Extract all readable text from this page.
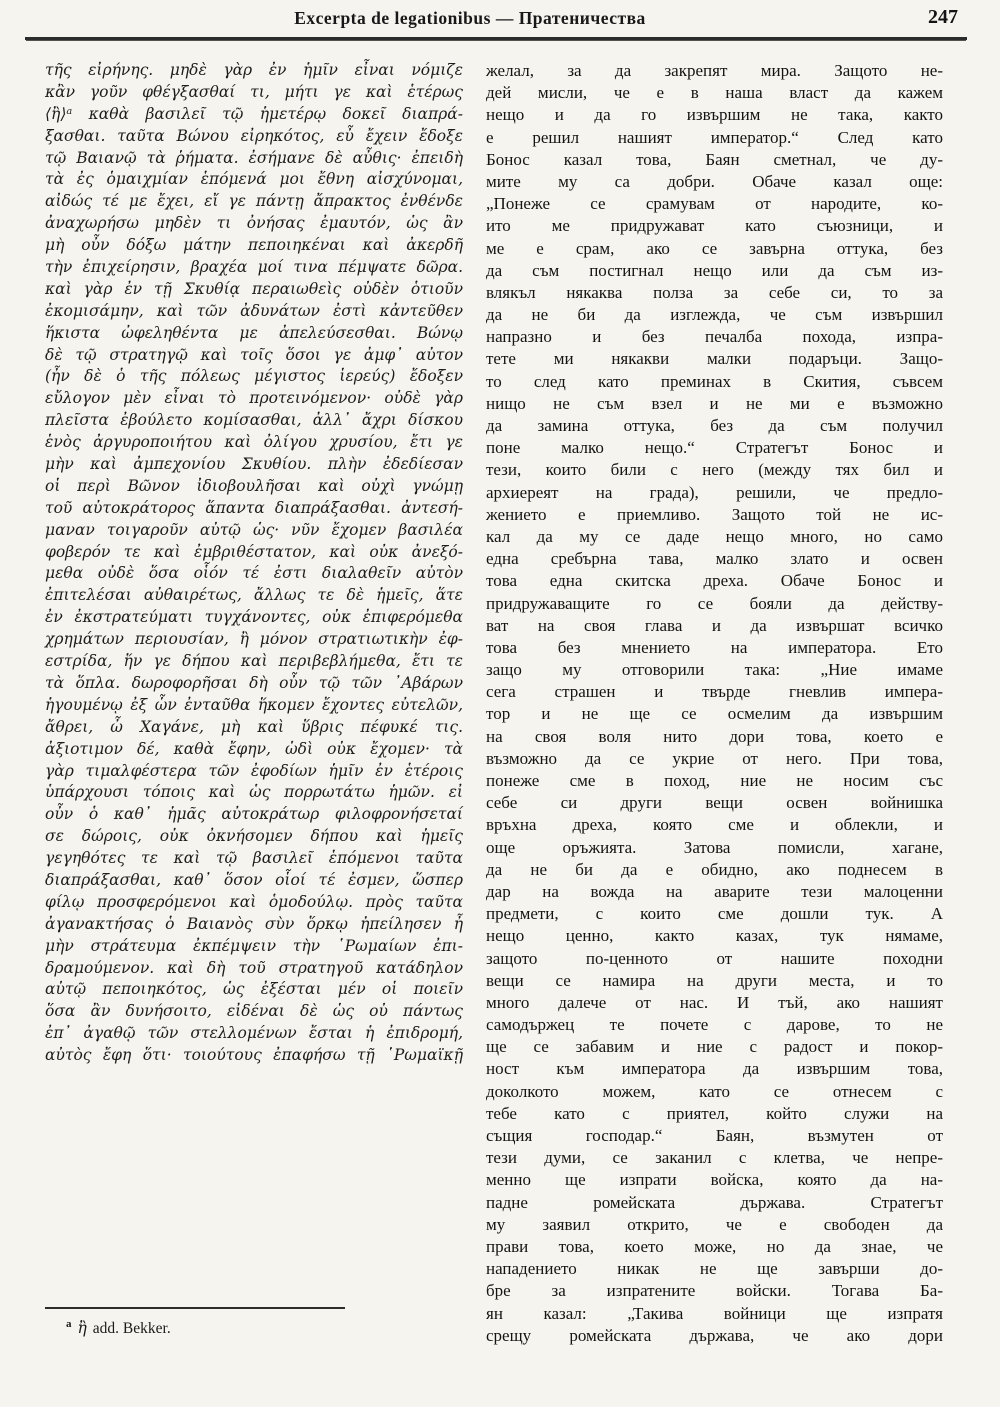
Excerpta de legationibus — Пратеничества	247
τῆς εἰρήνης. μηδὲ γὰρ ἐν ἡμῖν εἶναι νόμιζε
κἂν γοῦν φθέγξασθαί τι, μήτι γε καὶ ἑτέρως
⟨ἢ⟩ᵃ καθὰ βασιλεῖ τῷ ἡμετέρῳ δοκεῖ διαπρά-
ξασθαι. ταῦτα Βώνου εἰρηκότος, εὖ ἔχειν ἔδοξε
τῷ Βαιανῷ τὰ ῥήματα. ἐσήμανε δὲ αὖθις· ἐπειδὴ
τὰ ἐς ὁμαιχμίαν ἑπόμενά μοι ἔθνη αἰσχύνομαι,
αἰδώς τέ με ἔχει, εἴ γε πάντῃ ἄπρακτος ἐνθένδε
ἀναχωρήσω μηδὲν τι ὀνήσας ἐμαυτόν, ὡς ἂν
μὴ οὖν δόξω μάτην πεποιηκέναι καὶ ἀκερδῆ
τὴν ἐπιχείρησιν, βραχέα μοί τινα πέμψατε δῶρα.
καὶ γὰρ ἐν τῇ Σκυθίᾳ περαιωθεὶς οὐδὲν ὁτιοῦν
ἐκομισάμην, καὶ τῶν ἀδυνάτων ἐστὶ κἀντεῦθεν
ἥκιστα ὠφεληθέντα με ἀπελεύσεσθαι. Βώνῳ
δὲ τῷ στρατηγῷ καὶ τοῖς ὅσοι γε ἀμφ᾽ αὐτον
(ἦν δὲ ὁ τῆς πόλεως μέγιστος ἱερεύς) ἔδοξεν
εὔλογον μὲν εἶναι τὸ προτεινόμενον· οὐδὲ γὰρ
πλεῖστα ἐβούλετο κομίσασθαι, ἀλλ᾽ ἄχρι δίσκου
ἑνὸς ἀργυροποιήτου καὶ ὀλίγου χρυσίου, ἔτι γε
μὴν καὶ ἀμπεχονίου Σκυθίου. πλὴν ἐδεδίεσαν
οἱ περὶ Βῶνον ἰδιοβουλῆσαι καὶ οὐχὶ γνώμῃ
τοῦ αὐτοκράτορος ἅπαντα διαπράξασθαι. ἀντεσή-
μαναν τοιγαροῦν αὐτῷ ὡς· νῦν ἔχομεν βασιλέα
φοβερόν τε καὶ ἐμβριθέστατον, καὶ οὐκ ἀνεξό-
μεθα οὐδὲ ὅσα οἷόν τέ ἐστι διαλαθεῖν αὐτὸν
ἐπιτελέσαι αὐθαιρέτως, ἄλλως τε δὲ ἡμεῖς, ἅτε
ἐν ἐκστρατεύματι τυγχάνοντες, οὐκ ἐπιφερόμεθα
χρημάτων περιουσίαν, ἢ μόνον στρατιωτικὴν ἐφ-
εστρίδα, ἥν γε δήπου καὶ περιβεβλήμεθα, ἔτι τε
τὰ ὅπλα. δωροφορῆσαι δὴ οὖν τῷ τῶν ᾽Αβάρων
ἡγουμένῳ ἐξ ὧν ἐνταῦθα ἥκομεν ἔχοντες εὐτελῶν,
ἄθρει, ὦ Χαγάνε, μὴ καὶ ὕβρις πέφυκέ τις.
ἀξιοτιμον δέ, καθὰ ἔφην, ὡδὶ οὐκ ἔχομεν· τὰ
γὰρ τιμαλφέστερα τῶν ἐφοδίων ἡμῖν ἐν ἑτέροις
ὑπάρχουσι τόποις καὶ ὡς πορρωτάτω ἡμῶν. εἰ
οὖν ὁ καθ᾽ ἡμᾶς αὐτοκράτωρ φιλοφρονήσεταί
σε δώροις, οὐκ ὀκνήσομεν δήπου καὶ ἡμεῖς
γεγηθότες τε καὶ τῷ βασιλεῖ ἑπόμενοι ταῦτα
διαπράξασθαι, καθ᾽ ὅσον οἷοί τέ ἐσμεν, ὥσπερ
φίλῳ προσφερόμενοι καὶ ὁμοδούλῳ. πρὸς ταῦτα
ἀγανακτήσας ὁ Βαιανὸς σὺν ὅρκῳ ἠπείλησεν ἦ
μὴν στράτευμα ἐκπέμψειν τὴν ῾Ρωμαίων ἐπι-
δραμούμενον. καὶ δὴ τοῦ στρατηγοῦ κατάδηλον
αὐτῷ πεποιηκότος, ὡς ἐξέσται μέν οἱ ποιεῖν
ὅσα ἂν δυνήσοιτο, εἰδέναι δὲ ὡς οὐ πάντως
ἐπ᾽ ἀγαθῷ τῶν στελλομένων ἔσται ἡ ἐπιδρομή,
αὐτὸς ἔφη ὅτι· τοιούτους ἐπαφήσω τῇ ῾Ρωμαϊκῇ
желал, за да закрепят мира. Защото не-
дей мисли, че е в наша власт да кажем
нещо и да го извършим не така, както
е решил нашият император.“ След като
Бонос казал това, Баян сметнал, че ду-
мите му са добри. Обаче казал още:
„Понеже се срамувам от народите, ко-
ито ме придружават като съюзници, и
ме е срам, ако се завърна оттука, без
да съм постигнал нещо или да съм из-
влякъл някаква полза за себе си, то за
да не би да изглежда, че съм извършил
напразно и без печалба похода, изпра-
тете ми някакви малки подаръци. Защо-
то след като преминах в Скития, съвсем
нищо не съм взел и не ми е възможно
да замина оттука, без да съм получил
поне малко нещо.“ Стратегът Бонос и
тези, които били с него (между тях бил и
архиереят на града), решили, че предло-
жението е приемливо. Защото той не ис-
кал да му се даде нещо много, но само
една сребърна тава, малко злато и освен
това една скитска дреха. Обаче Бонос и
придружаващите го се бояли да действу-
ват на своя глава и да извършат всичко
това без мнението на императора. Ето
защо му отговорили така: „Ние имаме
сега страшен и твърде гневлив импера-
тор и не ще се осмелим да извършим
на своя воля нито дори това, което е
възможно да се укрие от него. При това,
понеже сме в поход, ние не носим със
себе си други вещи освен войнишка
връхна дреха, която сме и облекли, и
още оръжията. Затова помисли, хагане,
да не би да е обидно, ако поднесем в
дар на вожда на аварите тези малоценни
предмети, с които сме дошли тук. А
нещо ценно, както казах, тук нямаме,
защото по-ценното от нашите походни
вещи се намира на други места, и то
много далече от нас. И тъй, ако нашият
самодържец те почете с дарове, то не
ще се забавим и ние с радост и покор-
ност към императора да извършим това,
доколкото можем, като се отнесем с
тебе като с приятел, който служи на
същия господар.“ Баян, възмутен от
тези думи, се заканил с клетва, че непре-
менно ще изпрати войска, която да на-
падне ромейската държава. Стратегът
му заявил открито, че е свободен да
прави това, което може, но да знае, че
нападението никак не ще завърши до-
бре за изпратените войски. Тогава Ба-
ян казал: „Такива войници ще изпратя
срещу ромейската държава, че ако дори
$^а$ ἢ add. Bekker.
